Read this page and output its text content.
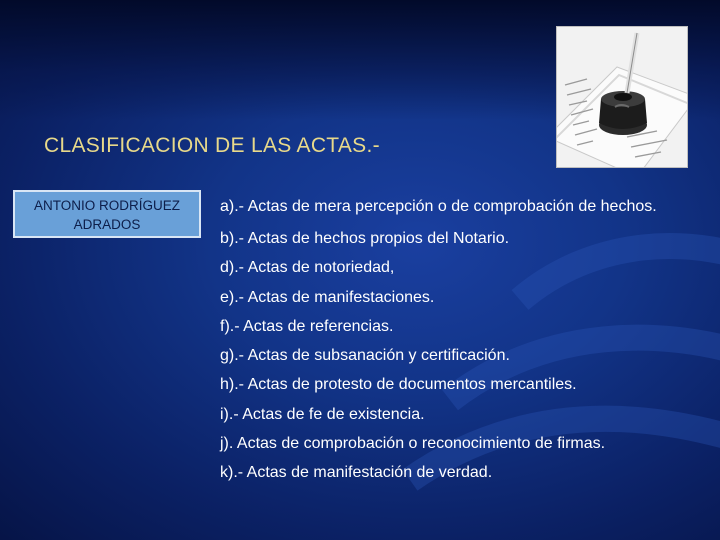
CLASIFICACION DE LAS ACTAS.-
ANTONIO RODRÍGUEZ
ADRADOS
a).- Actas de mera percepción o de comprobación de hechos.
b).- Actas de hechos propios del Notario.
d).- Actas de notoriedad,
e).- Actas de manifestaciones.
f).- Actas de referencias.
g).- Actas de subsanación y certificación.
h).- Actas de protesto de documentos mercantiles.
i).- Actas de fe de existencia.
j). Actas de comprobación o reconocimiento de firmas.
k).- Actas de manifestación de verdad.
